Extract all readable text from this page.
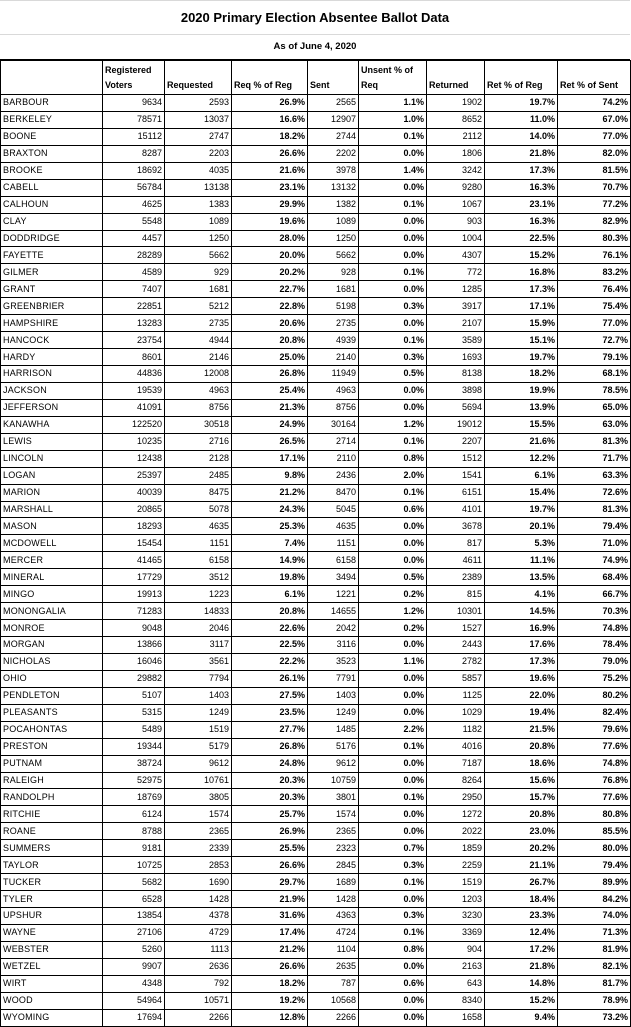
2020 Primary Election Absentee Ballot Data
As of June 4, 2020
	Registered Voters	Requested	Req % of Reg	Sent	Unsent % of Req	Returned	Ret % of Reg	Ret % of Sent
BARBOUR	9634	2593	26.9%	2565	1.1%	1902	19.7%	74.2%
BERKELEY	78571	13037	16.6%	12907	1.0%	8652	11.0%	67.0%
BOONE	15112	2747	18.2%	2744	0.1%	2112	14.0%	77.0%
BRAXTON	8287	2203	26.6%	2202	0.0%	1806	21.8%	82.0%
BROOKE	18692	4035	21.6%	3978	1.4%	3242	17.3%	81.5%
CABELL	56784	13138	23.1%	13132	0.0%	9280	16.3%	70.7%
CALHOUN	4625	1383	29.9%	1382	0.1%	1067	23.1%	77.2%
CLAY	5548	1089	19.6%	1089	0.0%	903	16.3%	82.9%
DODDRIDGE	4457	1250	28.0%	1250	0.0%	1004	22.5%	80.3%
FAYETTE	28289	5662	20.0%	5662	0.0%	4307	15.2%	76.1%
GILMER	4589	929	20.2%	928	0.1%	772	16.8%	83.2%
GRANT	7407	1681	22.7%	1681	0.0%	1285	17.3%	76.4%
GREENBRIER	22851	5212	22.8%	5198	0.3%	3917	17.1%	75.4%
HAMPSHIRE	13283	2735	20.6%	2735	0.0%	2107	15.9%	77.0%
HANCOCK	23754	4944	20.8%	4939	0.1%	3589	15.1%	72.7%
HARDY	8601	2146	25.0%	2140	0.3%	1693	19.7%	79.1%
HARRISON	44836	12008	26.8%	11949	0.5%	8138	18.2%	68.1%
JACKSON	19539	4963	25.4%	4963	0.0%	3898	19.9%	78.5%
JEFFERSON	41091	8756	21.3%	8756	0.0%	5694	13.9%	65.0%
KANAWHA	122520	30518	24.9%	30164	1.2%	19012	15.5%	63.0%
LEWIS	10235	2716	26.5%	2714	0.1%	2207	21.6%	81.3%
LINCOLN	12438	2128	17.1%	2110	0.8%	1512	12.2%	71.7%
LOGAN	25397	2485	9.8%	2436	2.0%	1541	6.1%	63.3%
MARION	40039	8475	21.2%	8470	0.1%	6151	15.4%	72.6%
MARSHALL	20865	5078	24.3%	5045	0.6%	4101	19.7%	81.3%
MASON	18293	4635	25.3%	4635	0.0%	3678	20.1%	79.4%
MCDOWELL	15454	1151	7.4%	1151	0.0%	817	5.3%	71.0%
MERCER	41465	6158	14.9%	6158	0.0%	4611	11.1%	74.9%
MINERAL	17729	3512	19.8%	3494	0.5%	2389	13.5%	68.4%
MINGO	19913	1223	6.1%	1221	0.2%	815	4.1%	66.7%
MONONGALIA	71283	14833	20.8%	14655	1.2%	10301	14.5%	70.3%
MONROE	9048	2046	22.6%	2042	0.2%	1527	16.9%	74.8%
MORGAN	13866	3117	22.5%	3116	0.0%	2443	17.6%	78.4%
NICHOLAS	16046	3561	22.2%	3523	1.1%	2782	17.3%	79.0%
OHIO	29882	7794	26.1%	7791	0.0%	5857	19.6%	75.2%
PENDLETON	5107	1403	27.5%	1403	0.0%	1125	22.0%	80.2%
PLEASANTS	5315	1249	23.5%	1249	0.0%	1029	19.4%	82.4%
POCAHONTAS	5489	1519	27.7%	1485	2.2%	1182	21.5%	79.6%
PRESTON	19344	5179	26.8%	5176	0.1%	4016	20.8%	77.6%
PUTNAM	38724	9612	24.8%	9612	0.0%	7187	18.6%	74.8%
RALEIGH	52975	10761	20.3%	10759	0.0%	8264	15.6%	76.8%
RANDOLPH	18769	3805	20.3%	3801	0.1%	2950	15.7%	77.6%
RITCHIE	6124	1574	25.7%	1574	0.0%	1272	20.8%	80.8%
ROANE	8788	2365	26.9%	2365	0.0%	2022	23.0%	85.5%
SUMMERS	9181	2339	25.5%	2323	0.7%	1859	20.2%	80.0%
TAYLOR	10725	2853	26.6%	2845	0.3%	2259	21.1%	79.4%
TUCKER	5682	1690	29.7%	1689	0.1%	1519	26.7%	89.9%
TYLER	6528	1428	21.9%	1428	0.0%	1203	18.4%	84.2%
UPSHUR	13854	4378	31.6%	4363	0.3%	3230	23.3%	74.0%
WAYNE	27106	4729	17.4%	4724	0.1%	3369	12.4%	71.3%
WEBSTER	5260	1113	21.2%	1104	0.8%	904	17.2%	81.9%
WETZEL	9907	2636	26.6%	2635	0.0%	2163	21.8%	82.1%
WIRT	4348	792	18.2%	787	0.6%	643	14.8%	81.7%
WOOD	54964	10571	19.2%	10568	0.0%	8340	15.2%	78.9%
WYOMING	17694	2266	12.8%	2266	0.0%	1658	9.4%	73.2%
